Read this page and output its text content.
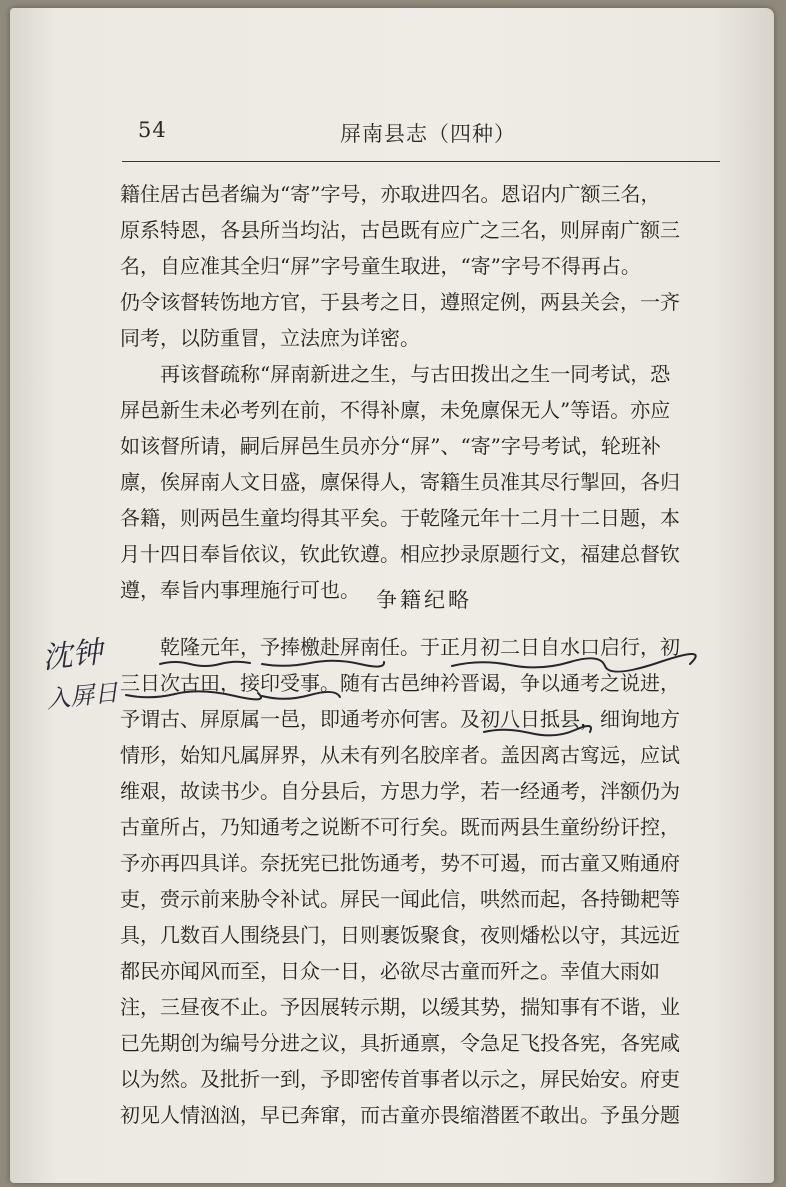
54	屏南县志（四种）
籍住居古邑者编为“寄”字号，亦取进四名。恩诏内广额三名，
原系特恩，各县所当均沾，古邑既有应广之三名，则屏南广额三
名，自应准其全归“屏”字号童生取进，“寄”字号不得再占。
仍令该督转饬地方官，于县考之日，遵照定例，两县关会，一齐
同考，以防重冒，立法庶为详密。
再该督疏称“屏南新进之生，与古田拨出之生一同考试，恐
屏邑新生未必考列在前，不得补廪，未免廪保无人”等语。亦应
如该督所请，嗣后屏邑生员亦分“屏”、“寄”字号考试，轮班补
廪，俟屏南人文日盛，廪保得人，寄籍生员准其尽行掣回，各归
各籍，则两邑生童均得其平矣。于乾隆元年十二月十二日题，本
月十四日奉旨依议，钦此钦遵。相应抄录原题行文，福建总督钦
遵，奉旨内事理施行可也。 争籍纪略
乾隆元年，予捧檄赴屏南任。于正月初二日自水口启行，初
三日次古田，接印受事。随有古邑绅衿晋谒，争以通考之说进，
予谓古、屏原属一邑，即通考亦何害。及初八日抵县，细询地方
情形，始知凡属屏界，从未有列名胶庠者。盖因离古窎远，应试
维艰，故读书少。自分县后，方思力学，若一经通考，泮额仍为
古童所占，乃知通考之说断不可行矣。既而两县生童纷纷讦控，
予亦再四具详。奈抚宪已批饬通考，势不可遏，而古童又贿通府
吏，赍示前来胁令补试。屏民一闻此信，哄然而起，各持锄耙等
具，几数百人围绕县门，日则裹饭聚食，夜则燔松以守，其远近
都民亦闻风而至，日众一日，必欲尽古童而歼之。幸值大雨如
注，三昼夜不止。予因展转示期，以缓其势，揣知事有不谐，业
已先期创为编号分进之议，具折通禀，令急足飞投各宪，各宪咸
以为然。及批折一到，予即密传首事者以示之，屏民始安。府吏
初见人情汹汹，早已奔窜，而古童亦畏缩潜匿不敢出。予虽分题
沈钟
入屏日
